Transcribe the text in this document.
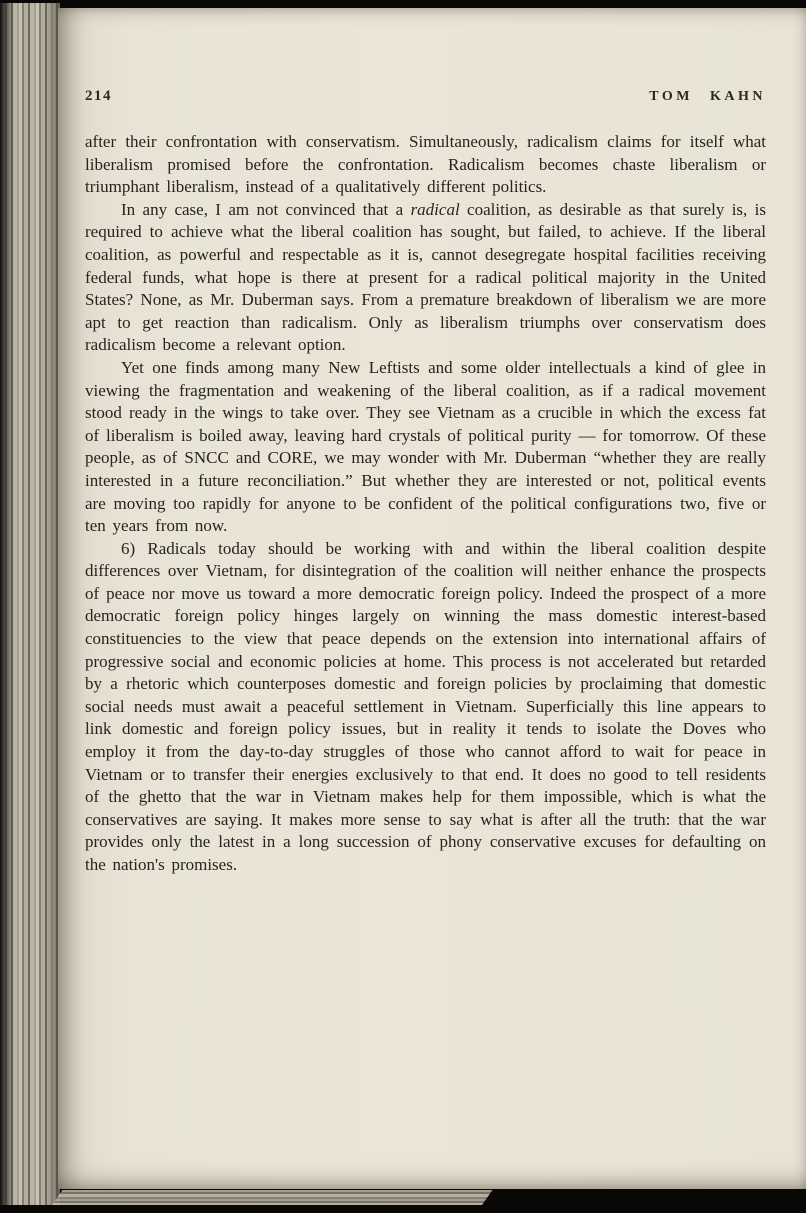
214	TOM KAHN

after their confrontation with conservatism. Simultaneously, radicalism claims for itself what liberalism promised before the confrontation. Radicalism becomes chaste liberalism or triumphant liberalism, instead of a qualitatively different politics.

In any case, I am not convinced that a radical coalition, as desirable as that surely is, is required to achieve what the liberal coalition has sought, but failed, to achieve. If the liberal coalition, as powerful and respectable as it is, cannot desegregate hospital facilities receiving federal funds, what hope is there at present for a radical political majority in the United States? None, as Mr. Duberman says. From a premature breakdown of liberalism we are more apt to get reaction than radicalism. Only as liberalism triumphs over conservatism does radicalism become a relevant option.

Yet one finds among many New Leftists and some older intellectuals a kind of glee in viewing the fragmentation and weakening of the liberal coalition, as if a radical movement stood ready in the wings to take over. They see Vietnam as a crucible in which the excess fat of liberalism is boiled away, leaving hard crystals of political purity — for tomorrow. Of these people, as of SNCC and CORE, we may wonder with Mr. Duberman “whether they are really interested in a future reconciliation.” But whether they are interested or not, political events are moving too rapidly for anyone to be confident of the political configurations two, five or ten years from now.

6) Radicals today should be working with and within the liberal coalition despite differences over Vietnam, for disintegration of the coalition will neither enhance the prospects of peace nor move us toward a more democratic foreign policy. Indeed the prospect of a more democratic foreign policy hinges largely on winning the mass domestic interest-based constituencies to the view that peace depends on the extension into international affairs of progressive social and economic policies at home. This process is not accelerated but retarded by a rhetoric which counterposes domestic and foreign policies by proclaiming that domestic social needs must await a peaceful settlement in Vietnam. Superficially this line appears to link domestic and foreign policy issues, but in reality it tends to isolate the Doves who employ it from the day-to-day struggles of those who cannot afford to wait for peace in Vietnam or to transfer their energies exclusively to that end. It does no good to tell residents of the ghetto that the war in Vietnam makes help for them impossible, which is what the conservatives are saying. It makes more sense to say what is after all the truth: that the war provides only the latest in a long succession of phony conservative excuses for defaulting on the nation's promises.
